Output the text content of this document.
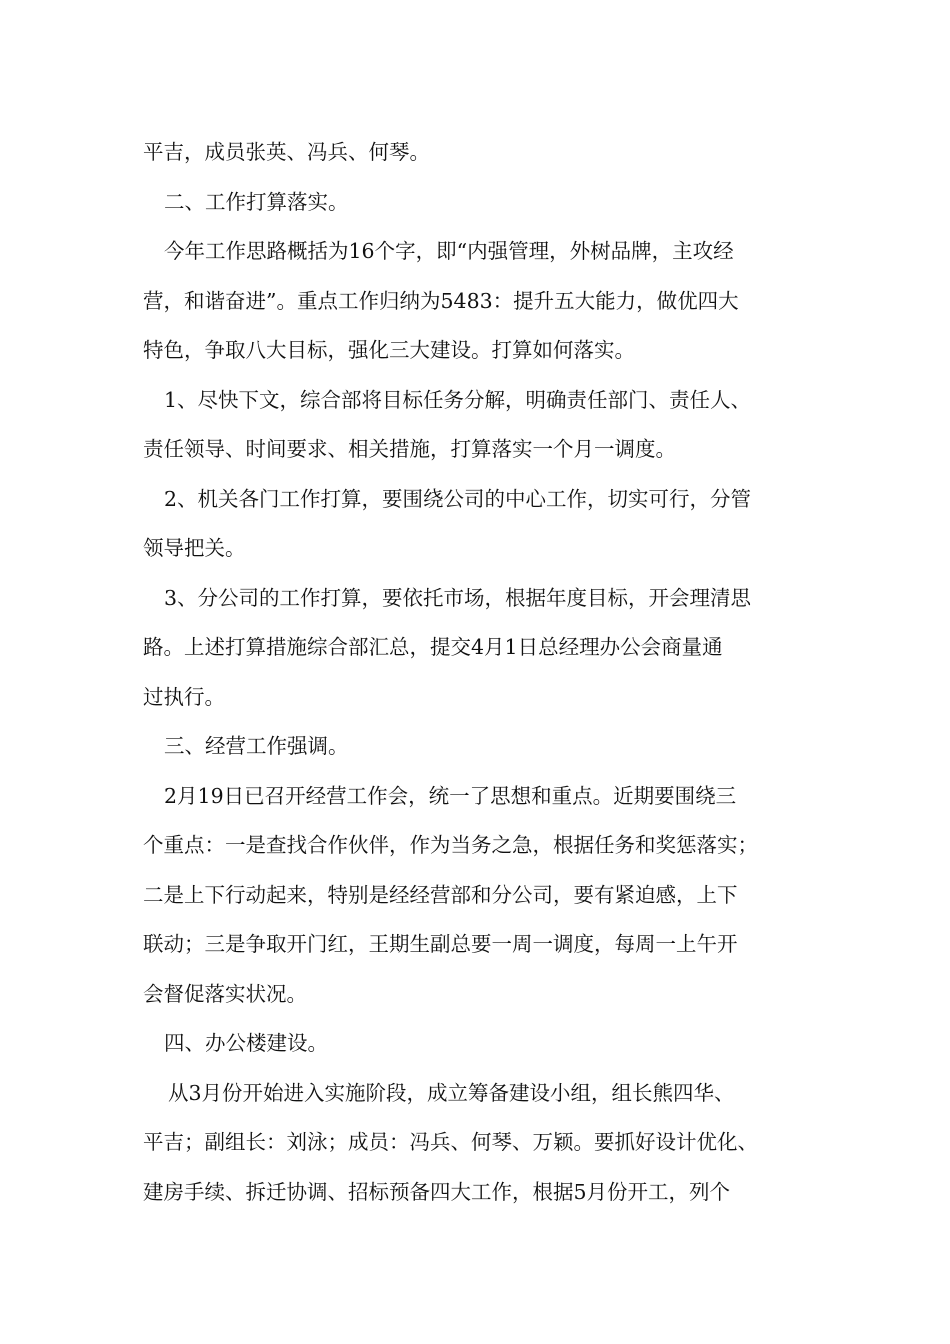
平吉，成员张英、冯兵、何琴。
二、工作打算落实。
今年工作思路概括为16个字，即“内强管理，外树品牌，主攻经
营，和谐奋进”。重点工作归纳为5483：提升五大能力，做优四大
特色，争取八大目标，强化三大建设。打算如何落实。
1、尽快下文，综合部将目标任务分解，明确责任部门、责任人、
责任领导、时间要求、相关措施，打算落实一个月一调度。
2、机关各门工作打算，要围绕公司的中心工作，切实可行，分管
领导把关。
3、分公司的工作打算，要依托市场，根据年度目标，开会理清思
路。上述打算措施综合部汇总，提交4月1日总经理办公会商量通
过执行。
三、经营工作强调。
2月19日已召开经营工作会，统一了思想和重点。近期要围绕三
个重点：一是查找合作伙伴，作为当务之急，根据任务和奖惩落实；
二是上下行动起来，特别是经经营部和分公司，要有紧迫感，上下
联动；三是争取开门红，王期生副总要一周一调度，每周一上午开
会督促落实状况。
四、办公楼建设。
从3月份开始进入实施阶段，成立筹备建设小组，组长熊四华、
平吉；副组长：刘泳；成员：冯兵、何琴、万颖。要抓好设计优化、
建房手续、拆迁协调、招标预备四大工作，根据5月份开工，列个
